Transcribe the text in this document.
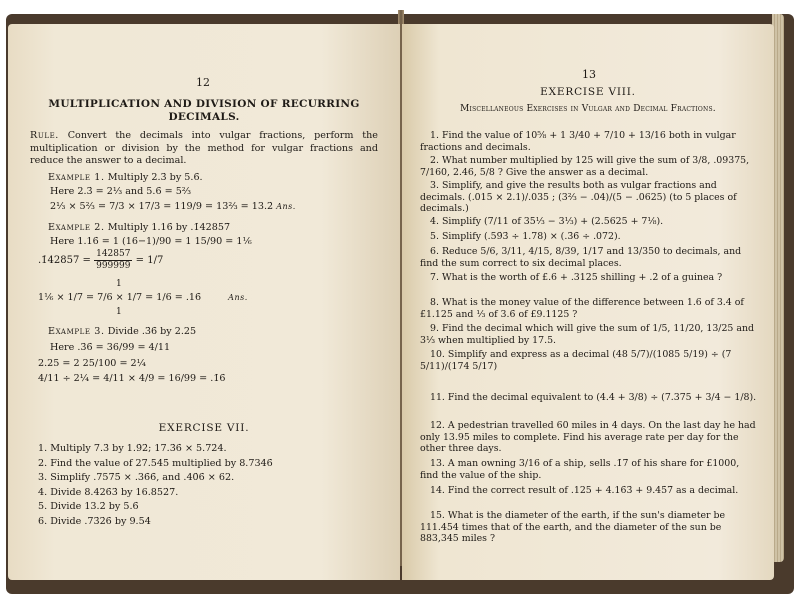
12
MULTIPLICATION AND DIVISION OF RECURRING
DECIMALS.
Rule. Convert the decimals into vulgar fractions, perform the multiplication or division by the method for vulgar fractions and reduce the answer to a decimal.
Example 1. Multiply 2.3̇ by 5.6̇.
Here 2.3̇ = 2⅓ and 5.6̇ = 5⅔
2⅓ × 5⅔ = 7/3 × 17/3 = 119/9 = 13⅔ = 13.2̇ Ans.
Example 2. Multiply 1.16̇ by .1̇42857̇
Here 1.16̇ = 1 (16−1)/90 = 1 15/90 = 1⅙
.1̇42857̇ = $\frac{142857}{999999} = 1/7$
1
1⅙ × 1/7 = 7/6 × 1/7 = 1/6 = .16̇	Ans.
1
Example 3. Divide .3̇6̇ by 2.25
Here .3̇6̇ = 36/99 = 4/11
2.25 = 2 25/100 = 2¼
4/11 ÷ 2¼ = 4/11 × 4/9 = 16/99 = .1̇6̇
EXERCISE VII.
1. Multiply 7.3̇ by 1.9̇2̇; 17.3̇6̇ × 5.72̇4̇.
2. Find the value of 27.54̇5̇ multiplied by 8.734̇6̇
3. Simplify .757̇5̇ × .36̇6̇, and .40̇6̇ × 62.
4. Divide 8.426̇3̇ by 16.852̇7̇.
5. Divide 13.2̇ by 5.6̇
6. Divide .73̇2̇6̇ by 9.54̇
13
EXERCISE VIII.
Miscellaneous Exercises in Vulgar and Decimal Fractions.
1. Find the value of 10⅝ + 1 3/40 + 7/10 + 13/16 both in vulgar fractions and decimals.
2. What number multiplied by 125 will give the sum of 3/8, .09375, 7/160, 2.46, 5/8 ? Give the answer as a decimal.
3. Simplify, and give the results both as vulgar fractions and decimals. (.015 × 2.1)/.035 ; (3⅔ − .04)/(5 − .0625) (to 5 places of decimals.)
4. Simplify (7/11 of 35⅓ − 3⅓) + (2.5625 + 7⅛).
5. Simplify (.59̇3̇ ÷ 1.78) × (.3̇6̇ ÷ .072).
6. Reduce 5/6, 3/11, 4/15, 8/39, 1/17 and 13/350 to decimals, and find the sum correct to six decimal places.
7. What is the worth of £.6 + .3125 shilling + .2̇ of a guinea ?
8. What is the money value of the difference between 1.6 of 3.4 of £1.125 and ⅓ of 3.6̇ of £9.1125 ?
9. Find the decimal which will give the sum of 1/5, 11/20, 13/25 and 3⅓ when multiplied by 17.5.
10. Simplify and express as a decimal (48 5/7)/(1085 5/19) ÷ (7 5/11)/(174 5/17)
11. Find the decimal equivalent to (4.4 + 3/8) ÷ (7.375 + 3/4 − 1/8).
12. A pedestrian travelled 60 miles in 4 days. On the last day he had only 13.95 miles to complete. Find his average rate per day for the other three days.
13. A man owning 3/16 of a ship, sells .1̇7̇ of his share for £1000, find the value of the ship.
14. Find the correct result of .125 + 4.16̇3̇ + 9.45̇7̇ as a decimal.
15. What is the diameter of the earth, if the sun's diameter be 111.454 times that of the earth, and the diameter of the sun be 883,345 miles ?
